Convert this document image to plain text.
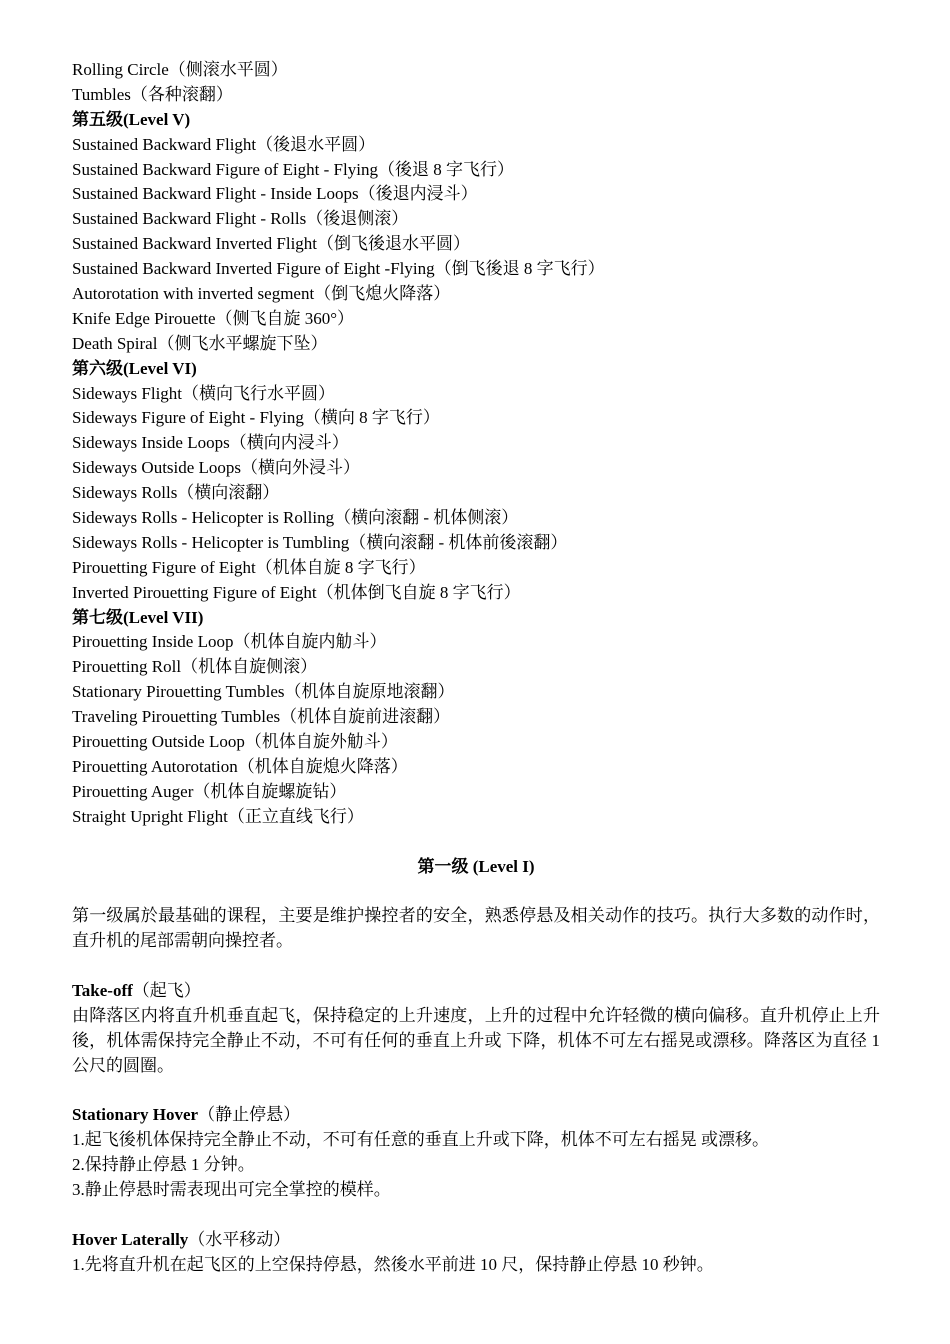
Rolling Circle（侧滚水平圆）
Tumbles（各种滚翻）
第五级(Level V)
Sustained Backward Flight（後退水平圆）
Sustained Backward Figure of Eight - Flying（後退 8 字飞行）
Sustained Backward Flight - Inside Loops（後退内浸斗）
Sustained Backward Flight - Rolls（後退侧滚）
Sustained Backward Inverted Flight（倒飞後退水平圆）
Sustained Backward Inverted Figure of Eight -Flying（倒飞後退 8 字飞行）
Autorotation with inverted segment（倒飞熄火降落）
Knife Edge Pirouette（侧飞自旋 360°）
Death Spiral（侧飞水平螺旋下坠）
第六级(Level VI)
Sideways Flight（横向飞行水平圆）
Sideways Figure of Eight - Flying（横向 8 字飞行）
Sideways Inside Loops（横向内浸斗）
Sideways Outside Loops（横向外浸斗）
Sideways Rolls（横向滚翻）
Sideways Rolls - Helicopter is Rolling（横向滚翻 - 机体侧滚）
Sideways Rolls - Helicopter is Tumbling（横向滚翻 - 机体前後滚翻）
Pirouetting Figure of Eight（机体自旋 8 字飞行）
Inverted Pirouetting Figure of Eight（机体倒飞自旋 8 字飞行）
第七级(Level VII)
Pirouetting Inside Loop（机体自旋内觔斗）
Pirouetting Roll（机体自旋侧滚）
Stationary Pirouetting Tumbles（机体自旋原地滚翻）
Traveling Pirouetting Tumbles（机体自旋前进滚翻）
Pirouetting Outside Loop（机体自旋外觔斗）
Pirouetting Autorotation（机体自旋熄火降落）
Pirouetting Auger（机体自旋螺旋钻）
Straight Upright Flight（正立直线飞行）
第一级 (Level I)
第一级属於最基础的课程，主要是维护操控者的安全，熟悉停悬及相关动作的技巧。执行大多数的动作时，直升机的尾部需朝向操控者。
Take-off（起飞）
由降落区内将直升机垂直起飞，保持稳定的上升速度，上升的过程中允许轻微的横向偏移。直升机停止上升後，机体需保持完全静止不动，不可有任何的垂直上升或 下降，机体不可左右摇晃或漂移。降落区为直径 1 公尺的圆圈。
Stationary Hover（静止停悬）
1.起飞後机体保持完全静止不动，不可有任意的垂直上升或下降，机体不可左右摇晃 或漂移。
2.保持静止停悬 1 分钟。
3.静止停悬时需表现出可完全掌控的模样。
Hover Laterally（水平移动）
1.先将直升机在起飞区的上空保持停悬，然後水平前进 10 尺，保持静止停悬 10 秒钟。
